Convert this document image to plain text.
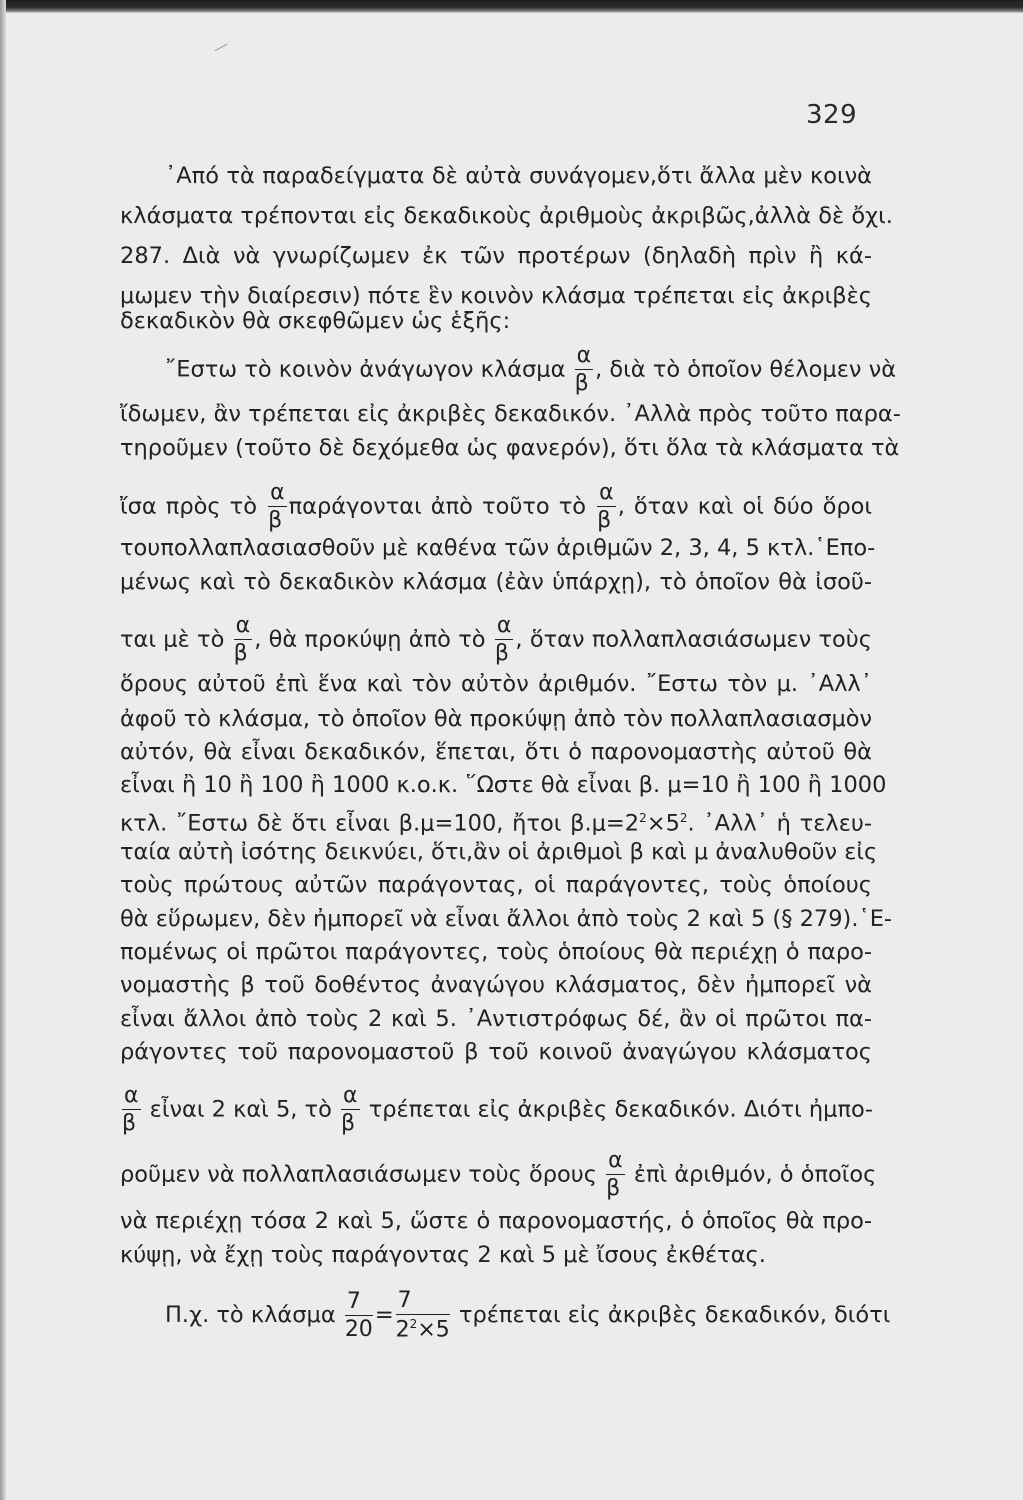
329
᾿Από τὰ παραδείγματα δὲ αὐτὰ συνάγομεν,ὅτι ἄλλα μὲν κοινὰ
κλάσματα τρέπονται εἰς δεκαδικοὺς ἀριθμοὺς ἀκριβῶς,ἀλλὰ δὲ ὄχι.
287. Διὰ νὰ γνωρίζωμεν ἐκ τῶν προτέρων (δηλαδὴ πρὶν ἢ κά-
μωμεν τὴν διαίρεσιν) πότε ἓν κοινὸν κλάσμα τρέπεται εἰς ἀκριβὲς
δεκαδικὸν θὰ σκεφθῶμεν ὡς ἑξῆς:
῎Εστω τὸ κοινὸν ἀνάγωγον κλάσμα $\frac{\alpha}{\beta}$ , διὰ τὸ ὁποῖον θέλομεν νὰ
ἴδωμεν, ἂν τρέπεται εἰς ἀκριβὲς δεκαδικόν. ᾿Αλλὰ πρὸς τοῦτο παρα-
τηροῦμεν (τοῦτο δὲ δεχόμεθα ὡς φανερόν), ὅτι ὅλα τὰ κλάσματα τὰ
ἴσα πρὸς τὸ $\frac{\alpha}{\beta}$ παράγονται ἀπὸ τοῦτο τὸ $\frac{\alpha}{\beta}$ , ὅταν καὶ οἱ δύο ὅροι
τουπολλαπλασιασθοῦν μὲ καθένα τῶν ἀριθμῶν 2, 3, 4, 5 κτλ.῾Επο-
μένως καὶ τὸ δεκαδικὸν κλάσμα (ἐὰν ὑπάρχῃ), τὸ ὁποῖον θὰ ἰσοῦ-
ται μὲ τὸ $\frac{\alpha}{\beta}$ , θὰ προκύψῃ ἀπὸ τὸ $\frac{\alpha}{\beta}$ , ὅταν πολλαπλασιάσωμεν τοὺς
ὅρους αὐτοῦ ἐπὶ ἕνα καὶ τὸν αὐτὸν ἀριθμόν. ῎Εστω τὸν μ. ᾿Αλλ᾿
ἀφοῦ τὸ κλάσμα, τὸ ὁποῖον θὰ προκύψῃ ἀπὸ τὸν πολλαπλασιασμὸν
αὐτόν, θὰ εἶναι δεκαδικόν, ἕπεται, ὅτι ὁ παρονομαστὴς αὐτοῦ θὰ
εἶναι ἢ 10 ἢ 100 ἢ 1000 κ.ο.κ. ῞Ωστε θὰ εἶναι β. μ=10 ἢ 100 ἢ 1000
κτλ. ῎Εστω δὲ ὅτι εἶναι β.μ=100, ἤτοι $\beta.\mu=2^2\times 5^2$. ᾿Αλλ᾿ ἡ τελευ-
ταία αὐτὴ ἰσότης δεικνύει, ὅτι,ἂν οἱ ἀριθμοὶ β καὶ μ ἀναλυθοῦν εἰς
τοὺς πρώτους αὐτῶν παράγοντας, οἱ παράγοντες, τοὺς ὁποίους
θὰ εὕρωμεν, δὲν ἠμπορεῖ νὰ εἶναι ἄλλοι ἀπὸ τοὺς 2 καὶ 5 (§ 279).῾Ε-
πομένως οἱ πρῶτοι παράγοντες, τοὺς ὁποίους θὰ περιέχῃ ὁ παρο-
νομαστὴς β τοῦ δοθέντος ἀναγώγου κλάσματος, δὲν ἠμπορεῖ νὰ
εἶναι ἄλλοι ἀπὸ τοὺς 2 καὶ 5. ᾿Αντιστρόφως δέ, ἂν οἱ πρῶτοι πα-
ράγοντες τοῦ παρονομαστοῦ β τοῦ κοινοῦ ἀναγώγου κλάσματος
$\frac{\alpha}{\beta}$ εἶναι 2 καὶ 5, τὸ $\frac{\alpha}{\beta}$ τρέπεται εἰς ἀκριβὲς δεκαδικόν. Διότι ἠμπο-
ροῦμεν νὰ πολλαπλασιάσωμεν τοὺς ὅρους $\frac{\alpha}{\beta}$ ἐπὶ ἀριθμόν, ὁ ὁποῖος
νὰ περιέχῃ τόσα 2 καὶ 5, ὥστε ὁ παρονομαστής, ὁ ὁποῖος θὰ προ-
κύψῃ, νὰ ἔχῃ τοὺς παράγοντας 2 καὶ 5 μὲ ἴσους ἐκθέτας.
Π.χ. τὸ κλάσμα $\frac{7}{20} = \frac{7}{2^2\times 5}$ τρέπεται εἰς ἀκριβὲς δεκαδικόν, διότι
